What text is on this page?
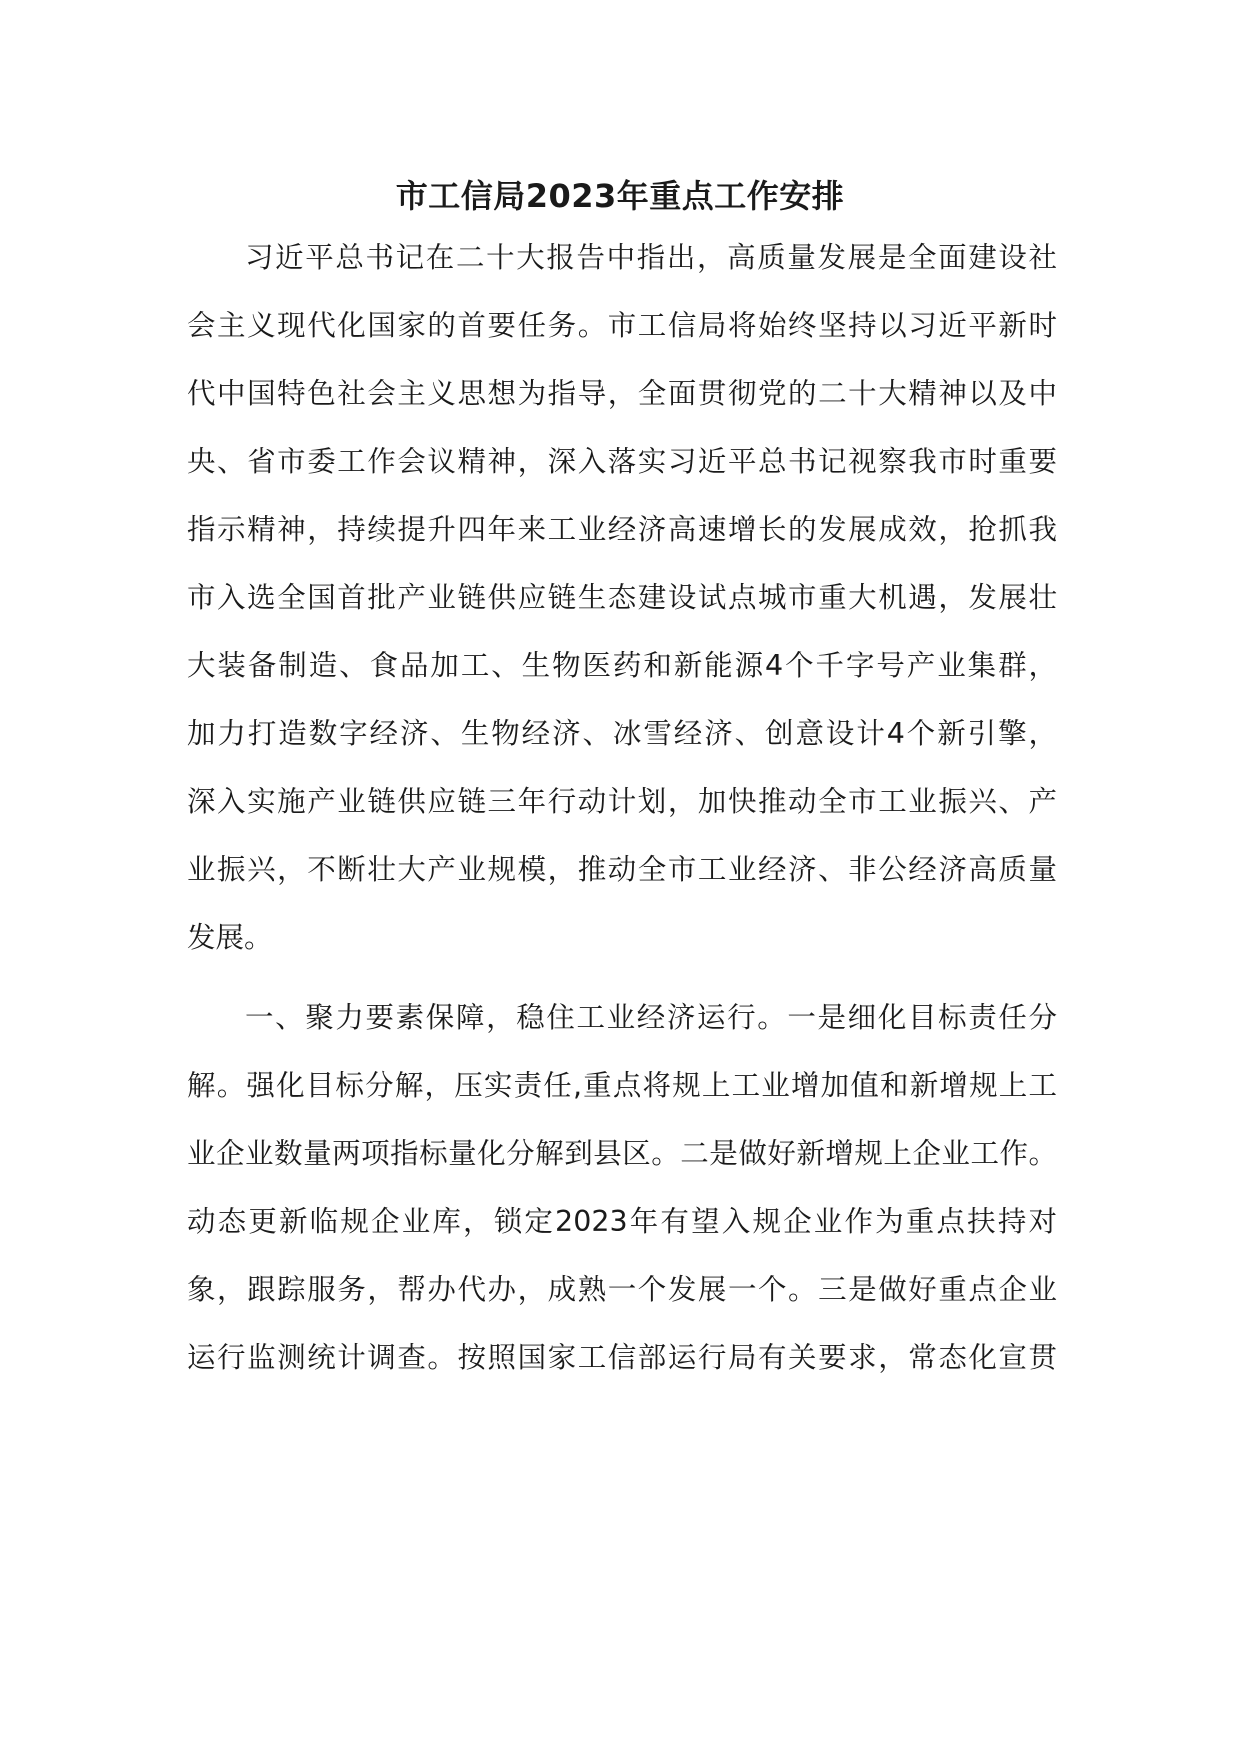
市工信局2023年重点工作安排
习近平总书记在二十大报告中指出，高质量发展是全面建设社
会主义现代化国家的首要任务。市工信局将始终坚持以习近平新时
代中国特色社会主义思想为指导，全面贯彻党的二十大精神以及中
央、省市委工作会议精神，深入落实习近平总书记视察我市时重要
指示精神，持续提升四年来工业经济高速增长的发展成效，抢抓我
市入选全国首批产业链供应链生态建设试点城市重大机遇，发展壮
大装备制造、食品加工、生物医药和新能源4个千字号产业集群，
加力打造数字经济、生物经济、冰雪经济、创意设计4个新引擎，
深入实施产业链供应链三年行动计划，加快推动全市工业振兴、产
业振兴，不断壮大产业规模，推动全市工业经济、非公经济高质量
发展。
一、聚力要素保障，稳住工业经济运行。一是细化目标责任分
解。强化目标分解，压实责任,重点将规上工业增加值和新增规上工
业企业数量两项指标量化分解到县区。二是做好新增规上企业工作。
动态更新临规企业库，锁定2023年有望入规企业作为重点扶持对
象，跟踪服务，帮办代办，成熟一个发展一个。三是做好重点企业
运行监测统计调查。按照国家工信部运行局有关要求，常态化宣贯
